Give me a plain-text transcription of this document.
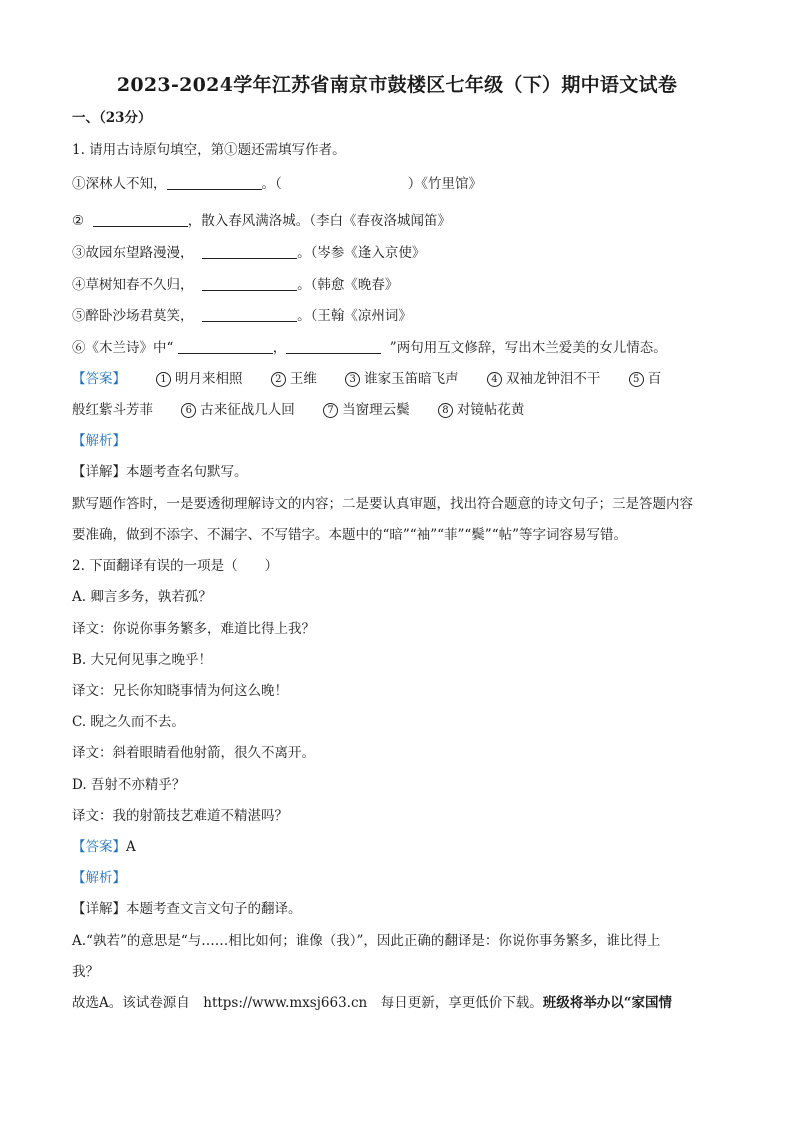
2023-2024学年江苏省南京市鼓楼区七年级（下）期中语文试卷
一、（23分）
1. 请用古诗原句填空，第①题还需填写作者。
①深林人不知，	。（	）《竹里馆》
②	，散入春风满洛城。（李白《春夜洛城闻笛》
③故园东望路漫漫，	。（岑参《逢入京使》
④草树知春不久归，	。（韩愈《晚春》
⑤醉卧沙场君莫笑，	。（王翰《凉州词》
⑥《木兰诗》中“	，	”两句用互文修辞，写出木兰爱美的女儿情态。
【答案】	1 明月来相照	2 王维	3 谁家玉笛暗飞声	4 双袖龙钟泪不干	5 百
般红紫斗芳菲	6 古来征战几人回	7 当窗理云鬓	8 对镜帖花黄
【解析】
【详解】本题考查名句默写。
默写题作答时，一是要透彻理解诗文的内容；二是要认真审题，找出符合题意的诗文句子；三是答题内容
要准确，做到不添字、不漏字、不写错字。本题中的“暗”“袖”“菲”“鬓”“帖”等字词容易写错。
2. 下面翻译有误的一项是（　　）
A. 卿言多务，孰若孤？
译文：你说你事务繁多，难道比得上我？
B. 大兄何见事之晚乎！
译文：兄长你知晓事情为何这么晚！
C. 睨之久而不去。
译文：斜着眼睛看他射箭，很久不离开。
D. 吾射不亦精乎？
译文：我的射箭技艺难道不精湛吗？
【答案】A
【解析】
【详解】本题考查文言文句子的翻译。
A.“孰若”的意思是“与……相比如何；谁像（我）”，因此正确的翻译是：你说你事务繁多，谁比得上
我？
故选A。该试卷源自　https://www.mxsj663.cn　每日更新，享更低价下载。班级将举办以“家国情
